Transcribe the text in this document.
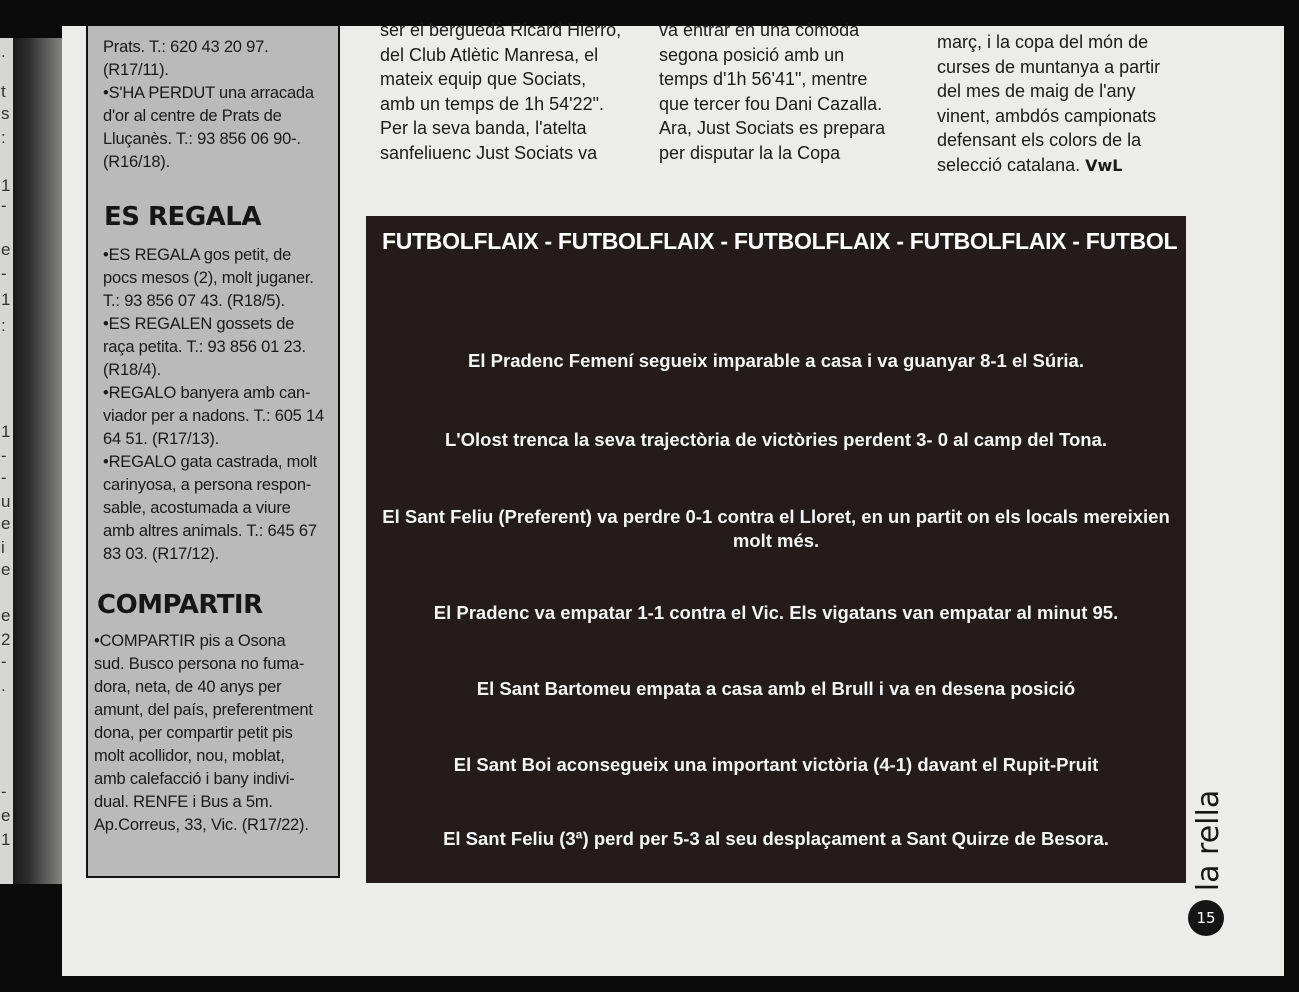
.
t
s
:
1
-
e
-
1
:
1
-
-
u
e
i
e
e
2
-
.
-
e
1

Prats. T.: 620 43 20 97.
(R17/11).
•S'HA PERDUT una arracada
d'or al centre de Prats de
Lluçanès. T.: 93 856 06 90-.
(R16/18).

ES REGALA

•ES REGALA gos petit, de
pocs mesos (2), molt juganer.
T.: 93 856 07 43. (R18/5).
•ES REGALEN gossets de
raça petita. T.: 93 856 01 23.
(R18/4).
•REGALO banyera amb can-
viador per a nadons. T.: 605 14
64 51. (R17/13).
•REGALO gata castrada, molt
carinyosa, a persona respon-
sable, acostumada a viure
amb altres animals. T.: 645 67
83 03. (R17/12).

COMPARTIR

•COMPARTIR pis a Osona
sud. Busco persona no fuma-
dora, neta, de 40 anys per
amunt, del país, preferentment
dona, per compartir petit pis
molt acollidor, nou, moblat,
amb calefacció i bany indivi-
dual. RENFE i Bus a 5m.
Ap.Correus, 33, Vic. (R17/22).

ser el berguedà Ricard Hierro,
del Club Atlètic Manresa, el
mateix equip que Sociats,
amb un temps de 1h 54'22".
Per la seva banda, l'atelta
sanfeliuenc Just Sociats va
va entrar en una còmoda
segona posició amb un
temps d'1h 56'41", mentre
que tercer fou Dani Cazalla.
Ara, Just Sociats es prepara
per disputar la la Copa
març, i la copa del món de
curses de muntanya a partir
del mes de maig de l'any
vinent, ambdós campionats
defensant els colors de la
selecció catalana. VwL
FUTBOLFLAIX - FUTBOLFLAIX - FUTBOLFLAIX - FUTBOLFLAIX - FUTBOL
El Pradenc Femení segueix imparable a casa i va guanyar 8-1 el Súria.
L'Olost trenca la seva trajectòria de victòries perdent 3- 0 al camp del Tona.
El Sant Feliu (Preferent) va perdre 0-1 contra el Lloret, en un partit on els locals mereixien molt més.
El Pradenc va empatar 1-1 contra el Vic. Els vigatans van empatar al minut 95.
El Sant Bartomeu empata a casa amb el Brull i va en desena posició
El Sant Boi aconsegueix una important victòria (4-1) davant el Rupit-Pruit
El Sant Feliu (3ª) perd per 5-3 al seu desplaçament a Sant Quirze de Besora.	la rella
15
